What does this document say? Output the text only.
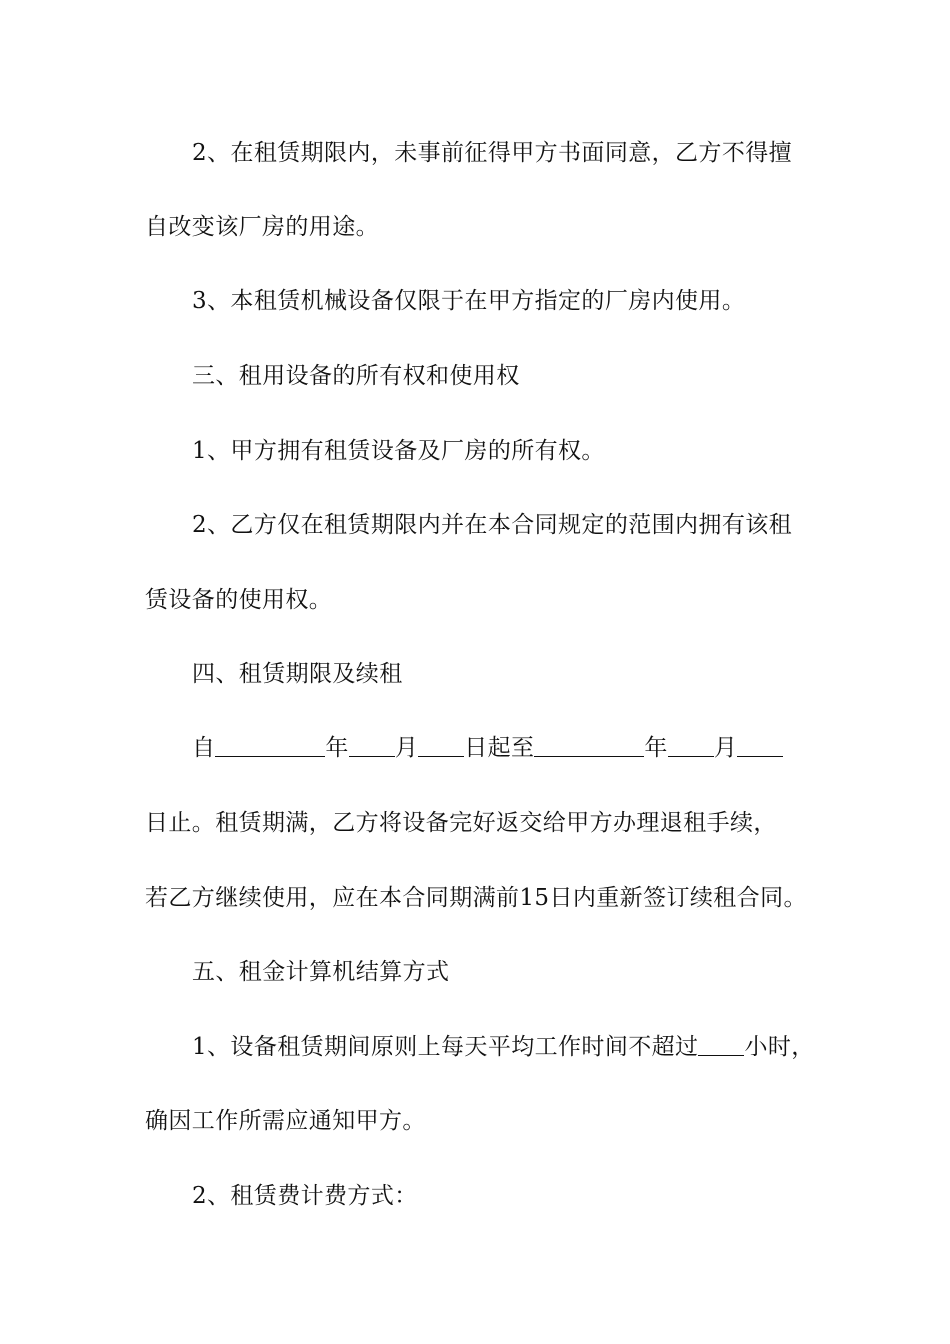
2、在租赁期限内，未事前征得甲方书面同意，乙方不得擅
自改变该厂房的用途。
3、本租赁机械设备仅限于在甲方指定的厂房内使用。
三、租用设备的所有权和使用权
1、甲方拥有租赁设备及厂房的所有权。
2、乙方仅在租赁期限内并在本合同规定的范围内拥有该租
赁设备的使用权。
四、租赁期限及续租
自	年 月 日起至	年 月
日止。租赁期满，乙方将设备完好返交给甲方办理退租手续，
若乙方继续使用，应在本合同期满前15日内重新签订续租合同。
五、租金计算机结算方式
1、设备租赁期间原则上每天平均工作时间不超过 小时，
确因工作所需应通知甲方。
2、租赁费计费方式：
